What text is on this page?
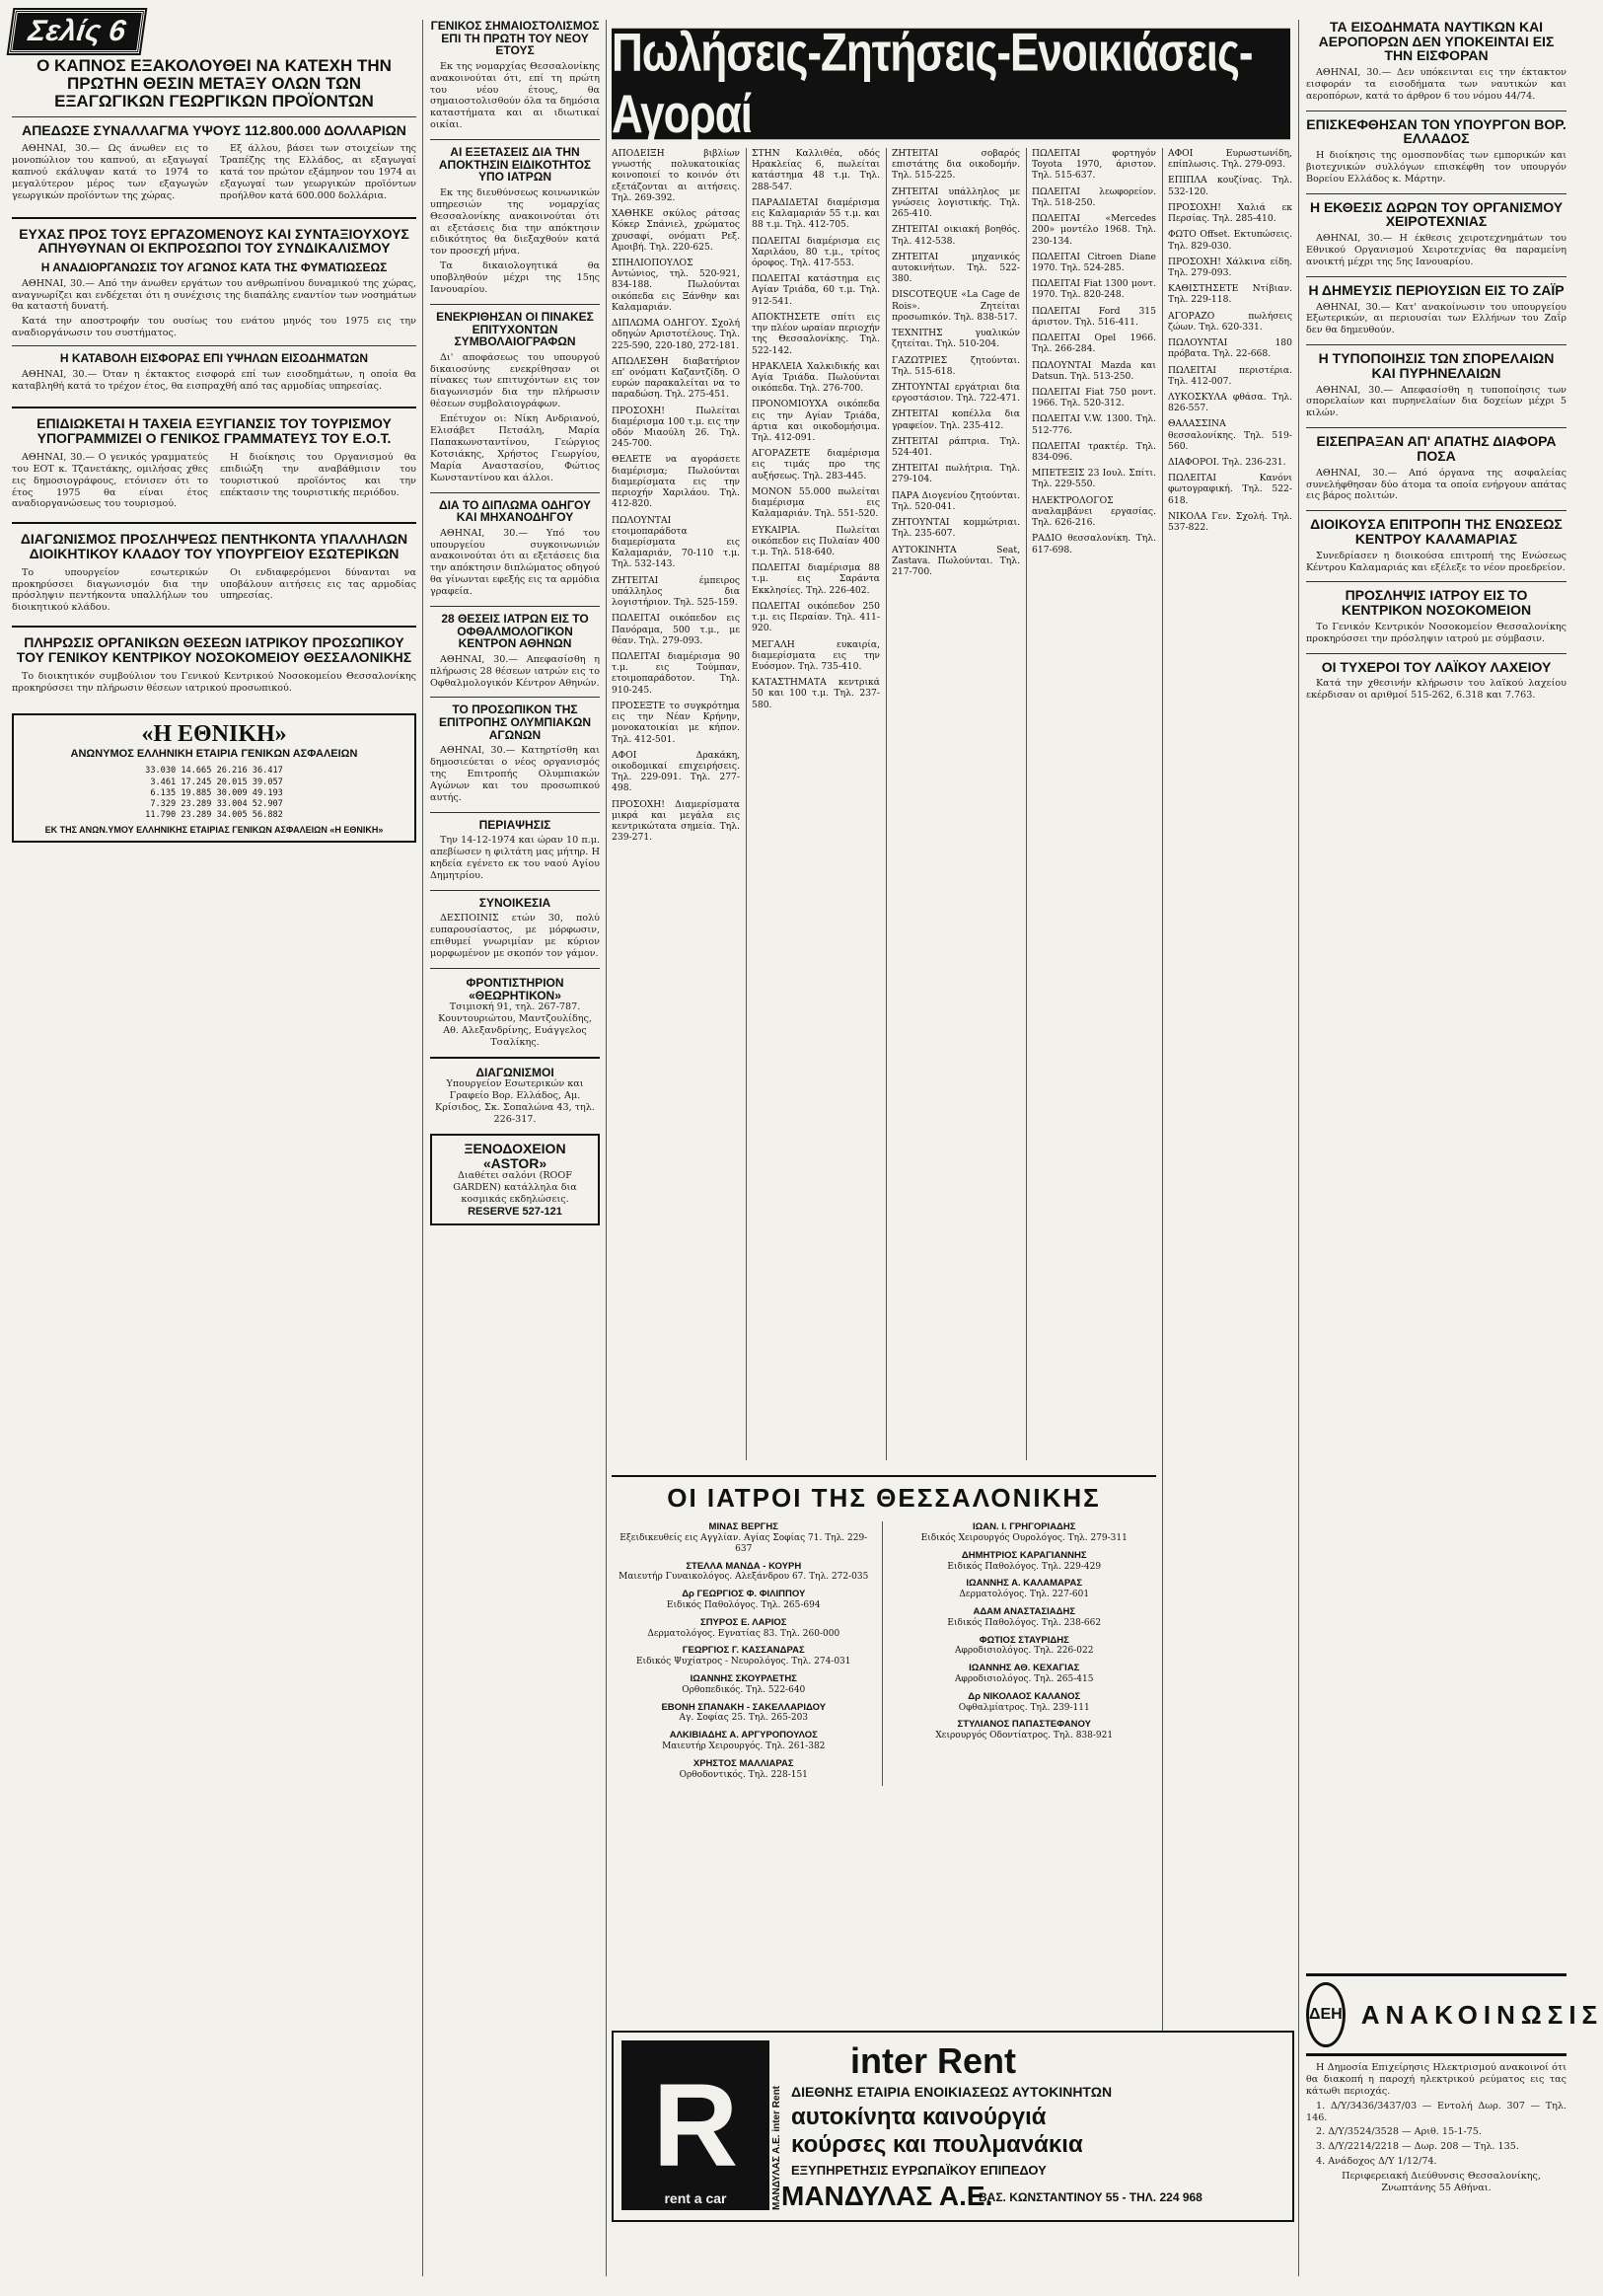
Σελίς 6
Ο ΚΑΠΝΟΣ ΕΞΑΚΟΛΟΥΘΕΙ ΝΑ ΚΑΤΕΧΗ ΤΗΝ ΠΡΩΤΗΝ ΘΕΣΙΝ ΜΕΤΑΞΥ ΟΛΩΝ ΤΩΝ ΕΞΑΓΩΓΙΚΩΝ ΓΕΩΡΓΙΚΩΝ ΠΡΟΪΟΝΤΩΝ
ΑΠΕΔΩΣΕ ΣΥΝΑΛΛΑΓΜΑ ΥΨΟΥΣ 112.800.000 ΔΟΛΛΑΡΙΩΝ

ΑΘΗΝΑΙ, 30.— Ως άνωθεν εις το μονοπώλιον του καπνού, αι εξαγωγαί καπνού εκάλυψαν κατά το 1974 το μεγαλύτερον μέρος των εξαγωγών γεωργικών προϊόντων της χώρας.

Εξ άλλου, βάσει των στοιχείων της Τραπέζης της Ελλάδος, αι εξαγωγαί κατά τον πρώτον εξάμηνον του 1974 αι εξαγωγαί των γεωργικών προϊόντων προήλθον κατά 600.000 δολλάρια.

ΕΥΧΑΣ ΠΡΟΣ ΤΟΥΣ ΕΡΓΑΖΟΜΕΝΟΥΣ ΚΑΙ ΣΥΝΤΑΞΙΟΥΧΟΥΣ ΑΠΗΥΘΥΝΑΝ ΟΙ ΕΚΠΡΟΣΩΠΟΙ ΤΟΥ ΣΥΝΔΙΚΑΛΙΣΜΟΥ
Η ΑΝΑΔΙΟΡΓΑΝΩΣΙΣ ΤΟΥ ΑΓΩΝΟΣ ΚΑΤΑ ΤΗΣ ΦΥΜΑΤΙΩΣΕΩΣ

ΑΘΗΝΑΙ, 30.— Από την άνωθεν εργάτων του ανθρωπίνου δυναμικού της χώρας, αναγνωρίζει και ενδέχεται ότι η συνέχισις της διαπάλης εναντίον των νοσημάτων θα καταστή δυνατή.

Κατά την αποστροφήν του ουσίως του ενάτου μηνός του 1975 εις την αναδιοργάνωσιν του συστήματος.

Η ΚΑΤΑΒΟΛΗ ΕΙΣΦΟΡΑΣ ΕΠΙ ΥΨΗΛΩΝ ΕΙΣΟΔΗΜΑΤΩΝ

ΑΘΗΝΑΙ, 30.— Όταν η έκτακτος εισφορά επί των εισοδημάτων, η οποία θα καταβληθή κατά το τρέχον έτος, θα εισπραχθή από τας αρμοδίας υπηρεσίας.

ΕΠΙΔΙΩΚΕΤΑΙ Η ΤΑΧΕΙΑ ΕΞΥΓΙΑΝΣΙΣ ΤΟΥ ΤΟΥΡΙΣΜΟΥ ΥΠΟΓΡΑΜΜΙΖΕΙ Ο ΓΕΝΙΚΟΣ ΓΡΑΜΜΑΤΕΥΣ ΤΟΥ Ε.Ο.Τ.

ΑΘΗΝΑΙ, 30.— Ο γενικός γραμματεύς του ΕΟΤ κ. Τζανετάκης, ομιλήσας χθες εις δημοσιογράφους, ετόνισεν ότι το έτος 1975 θα είναι έτος αναδιοργανώσεως του τουρισμού.

Η διοίκησις του Οργανισμού θα επιδιώξη την αναβάθμισιν του τουριστικού προϊόντος και την επέκτασιν της τουριστικής περιόδου.

ΔΙΑΓΩΝΙΣΜΟΣ ΠΡΟΣΛΗΨΕΩΣ ΠΕΝΤΗΚΟΝΤΑ ΥΠΑΛΛΗΛΩΝ ΔΙΟΙΚΗΤΙΚΟΥ ΚΛΑΔΟΥ ΤΟΥ ΥΠΟΥΡΓΕΙΟΥ ΕΣΩΤΕΡΙΚΩΝ

Το υπουργείον εσωτερικών προκηρύσσει διαγωνισμόν δια την πρόσληψιν πεντήκοντα υπαλλήλων του διοικητικού κλάδου.

Οι ενδιαφερόμενοι δύνανται να υποβάλουν αιτήσεις εις τας αρμοδίας υπηρεσίας.

ΠΛΗΡΩΣΙΣ ΟΡΓΑΝΙΚΩΝ ΘΕΣΕΩΝ ΙΑΤΡΙΚΟΥ ΠΡΟΣΩΠΙΚΟΥ ΤΟΥ ΓΕΝΙΚΟΥ ΚΕΝΤΡΙΚΟΥ ΝΟΣΟΚΟΜΕΙΟΥ ΘΕΣΣΑΛΟΝΙΚΗΣ

Το διοικητικόν συμβούλιον του Γενικού Κεντρικού Νοσοκομείου Θεσσαλονίκης προκηρύσσει την πλήρωσιν θέσεων ιατρικού προσωπικού.

«Η ΕΘΝΙΚΗ»
ΑΝΩΝΥΜΟΣ ΕΛΛΗΝΙΚΗ ΕΤΑΙΡΙΑ ΓΕΝΙΚΩΝ ΑΣΦΑΛΕΙΩΝ
33.030 14.665 26.216 36.417
3.461 17.245 20.015 39.057
6.135 19.885 30.009 49.193
7.329 23.289 33.004 52.907
11.790 23.289 34.005 56.882
ΕΚ ΤΗΣ ΑΝΩΝ.ΥΜΟΥ ΕΛΛΗΝΙΚΗΣ ΕΤΑΙΡΙΑΣ ΓΕΝΙΚΩΝ ΑΣΦΑΛΕΙΩΝ «Η ΕΘΝΙΚΗ»
ΓΕΝΙΚΟΣ ΣΗΜΑΙΟΣΤΟΛΙΣΜΟΣ ΕΠΙ ΤΗ ΠΡΩΤΗ ΤΟΥ ΝΕΟΥ ΕΤΟΥΣ

Εκ της νομαρχίας Θεσσαλονίκης ανακοινούται ότι, επί τη πρώτη του νέου έτους, θα σημαιοστολισθούν όλα τα δημόσια καταστήματα και αι ιδιωτικαί οικίαι.

ΑΙ ΕΞΕΤΑΣΕΙΣ ΔΙΑ ΤΗΝ ΑΠΟΚΤΗΣΙΝ ΕΙΔΙΚΟΤΗΤΟΣ ΥΠΟ ΙΑΤΡΩΝ

Εκ της διευθύνσεως κοινωνικών υπηρεσιών της νομαρχίας Θεσσαλονίκης ανακοινούται ότι αι εξετάσεις δια την απόκτησιν ειδικότητος θα διεξαχθούν κατά τον προσεχή μήνα.

Τα δικαιολογητικά θα υποβληθούν μέχρι της 15ης Ιανουαρίου.

ΕΝΕΚΡΙΘΗΣΑΝ ΟΙ ΠΙΝΑΚΕΣ ΕΠΙΤΥΧΟΝΤΩΝ ΣΥΜΒΟΛΑΙΟΓΡΑΦΩΝ

Δι' αποφάσεως του υπουργού δικαιοσύνης ενεκρίθησαν οι πίνακες των επιτυχόντων εις τον διαγωνισμόν δια την πλήρωσιν θέσεων συμβολαιογράφων.

Επέτυχον οι: Νίκη Ανδριανού, Ελισάβετ Πετσάλη, Μαρία Παπακωνσταντίνου, Γεώργιος Κοτσιάκης, Χρήστος Γεωργίου, Μαρία Αναστασίου, Φώτιος Κωνσταντίνου και άλλοι.

ΔΙΑ ΤΟ ΔΙΠΛΩΜΑ ΟΔΗΓΟΥ ΚΑΙ ΜΗΧΑΝΟΔΗΓΟΥ

ΑΘΗΝΑΙ, 30.— Υπό του υπουργείου συγκοινωνιών ανακοινούται ότι αι εξετάσεις δια την απόκτησιν διπλώματος οδηγού θα γίνωνται εφεξής εις τα αρμόδια γραφεία.

28 ΘΕΣΕΙΣ ΙΑΤΡΩΝ ΕΙΣ ΤΟ ΟΦΘΑΛΜΟΛΟΓΙΚΟΝ ΚΕΝΤΡΟΝ ΑΘΗΝΩΝ

ΑΘΗΝΑΙ, 30.— Απεφασίσθη η πλήρωσις 28 θέσεων ιατρών εις το Οφθαλμολογικόν Κέντρον Αθηνών.

ΤΟ ΠΡΟΣΩΠΙΚΟΝ ΤΗΣ ΕΠΙΤΡΟΠΗΣ ΟΛΥΜΠΙΑΚΩΝ ΑΓΩΝΩΝ

ΑΘΗΝΑΙ, 30.— Κατηρτίσθη και δημοσιεύεται ο νέος οργανισμός της Επιτροπής Ολυμπιακών Αγώνων και του προσωπικού αυτής.

ΠΕΡΙΑΨΗΣΙΣ

Την 14-12-1974 και ώραν 10 π.μ. απεβίωσεν η φιλτάτη μας μήτηρ. Η κηδεία εγένετο εκ του ναού Αγίου Δημητρίου.

ΣΥΝΟΙΚΕΣΙΑ

ΔΕΣΠΟΙΝΙΣ ετών 30, πολύ ευπαρουσίαστος, με μόρφωσιν, επιθυμεί γνωριμίαν με κύριον μορφωμένον με σκοπόν τον γάμον.

ΦΡΟΝΤΙΣΤΗΡΙΟΝ «ΘΕΩΡΗΤΙΚΟΝ»
Τσιμισκή 91, τηλ. 267-787. Κουντουριώτου, Μαντζουλίδης, Αθ. Αλεξανδρίνης, Ευάγγελος Τσαλίκης.
ΔΙΑΓΩΝΙΣΜΟΙ
Υπουργείον Εσωτερικών και Γραφείο Βορ. Ελλάδος, Αμ. Κρίσιδος, Σκ. Σοπαλώνα 43, τηλ. 226-317.
ΞΕΝΟΔΟΧΕΙΟΝ «ASTOR»
Διαθέτει σαλόνι (ROOF GARDEN) κατάλληλα δια κοσμικάς εκδηλώσεις.
RESERVE 527-121
Πωλήσεις-Ζητήσεις-Ενοικιάσεις-Αγοραί
ΑΠΟΔΕΙΞΗ βιβλίων γνωστής πολυκατοικίας κοινοποιεί το κοινόν ότι εξετάζονται αι αιτήσεις. Τηλ. 269-392.
ΧΑΘΗΚΕ σκύλος ράτσας Κόκερ Σπάνιελ, χρώματος χρυσαφί, ονόματι Ρεξ. Αμοιβή. Τηλ. 220-625.
ΣΠΗΛΙΟΠΟΥΛΟΣ Αντώνιος, τηλ. 520-921, 834-188. Πωλούνται οικόπεδα εις Ξάνθην και Καλαμαριάν.
ΔΙΠΛΩΜΑ ΟΔΗΓΟΥ. Σχολή οδηγών Αριστοτέλους. Τηλ. 225-590, 220-180, 272-181.
ΑΠΩΛΕΣΘΗ διαβατήριον επ' ονόματι Καζαντζίδη. Ο ευρών παρακαλείται να το παραδώση. Τηλ. 275-451.
ΠΡΟΣΟΧΗ! Πωλείται διαμέρισμα 100 τ.μ. εις την οδόν Μιαούλη 26. Τηλ. 245-700.
ΘΕΛΕΤΕ να αγοράσετε διαμέρισμα; Πωλούνται διαμερίσματα εις την περιοχήν Χαριλάου. Τηλ. 412-820.
ΠΩΛΟΥΝΤΑΙ ετοιμοπαράδοτα διαμερίσματα εις Καλαμαριάν, 70-110 τ.μ. Τηλ. 532-143.
ΖΗΤΕΙΤΑΙ έμπειρος υπάλληλος δια λογιστήριον. Τηλ. 525-159.
ΠΩΛΕΙΤΑΙ οικόπεδον εις Πανόραμα, 500 τ.μ., με θέαν. Τηλ. 279-093.
ΠΩΛΕΙΤΑΙ διαμέρισμα 90 τ.μ. εις Τούμπαν, ετοιμοπαράδοτον. Τηλ. 910-245.
ΠΡΟΣΕΞΤΕ το συγκρότημα εις την Νέαν Κρήνην, μονοκατοικίαι με κήπον. Τηλ. 412-501.
ΑΦΟΙ Δρακάκη, οικοδομικαί επιχειρήσεις. Τηλ. 229-091. Τηλ. 277-498.
ΠΡΟΣΟΧΗ! Διαμερίσματα μικρά και μεγάλα εις κεντρικώτατα σημεία. Τηλ. 239-271.
ΣΤΗΝ Καλλιθέα, οδός Ηρακλείας 6, πωλείται κατάστημα 48 τ.μ. Τηλ. 288-547.
ΠΑΡΑΔΙΔΕΤΑΙ διαμέρισμα εις Καλαμαριάν 55 τ.μ. και 88 τ.μ. Τηλ. 412-705.
ΠΩΛΕΙΤΑΙ διαμέρισμα εις Χαριλάου, 80 τ.μ., τρίτος όροφος. Τηλ. 417-553.
ΠΩΛΕΙΤΑΙ κατάστημα εις Αγίαν Τριάδα, 60 τ.μ. Τηλ. 912-541.
ΑΠΟΚΤΗΣΕΤΕ σπίτι εις την πλέον ωραίαν περιοχήν της Θεσσαλονίκης. Τηλ. 522-142.
ΗΡΑΚΛΕΙΑ Χαλκιδικής και Αγία Τριάδα. Πωλούνται οικόπεδα. Τηλ. 276-700.
ΠΡΟΝΟΜΙΟΥΧΑ οικόπεδα εις την Αγίαν Τριάδα, άρτια και οικοδομήσιμα. Τηλ. 412-091.
ΑΓΟΡΑΖΕΤΕ διαμέρισμα εις τιμάς προ της αυξήσεως. Τηλ. 283-445.
ΜΟΝΟΝ 55.000 πωλείται διαμέρισμα εις Καλαμαριάν. Τηλ. 551-520.
ΕΥΚΑΙΡΙΑ. Πωλείται οικόπεδον εις Πυλαίαν 400 τ.μ. Τηλ. 518-640.
ΠΩΛΕΙΤΑΙ διαμέρισμα 88 τ.μ. εις Σαράντα Εκκλησίες. Τηλ. 226-402.
ΠΩΛΕΙΤΑΙ οικόπεδον 250 τ.μ. εις Περαίαν. Τηλ. 411-920.
ΜΕΓΑΛΗ ευκαιρία, διαμερίσματα εις την Ευόσμον. Τηλ. 735-410.
ΚΑΤΑΣΤΗΜΑΤΑ κεντρικά 50 και 100 τ.μ. Τηλ. 237-580.
ΖΗΤΕΙΤΑΙ σοβαρός επιστάτης δια οικοδομήν. Τηλ. 515-225.
ΖΗΤΕΙΤΑΙ υπάλληλος με γνώσεις λογιστικής. Τηλ. 265-410.
ΖΗΤΕΙΤΑΙ οικιακή βοηθός. Τηλ. 412-538.
ΖΗΤΕΙΤΑΙ μηχανικός αυτοκινήτων. Τηλ. 522-380.
DISCOTEQUE «La Cage de Rois». Ζητείται προσωπικόν. Τηλ. 838-517.
ΤΕΧΝΙΤΗΣ γυαλικών ζητείται. Τηλ. 510-204.
ΓΑΖΩΤΡΙΕΣ ζητούνται. Τηλ. 515-618.
ΖΗΤΟΥΝΤΑΙ εργάτριαι δια εργοστάσιον. Τηλ. 722-471.
ΖΗΤΕΙΤΑΙ κοπέλλα δια γραφείον. Τηλ. 235-412.
ΖΗΤΕΙΤΑΙ ράπτρια. Τηλ. 524-401.
ΖΗΤΕΙΤΑΙ πωλήτρια. Τηλ. 279-104.
ΠΑΡΑ Διογενίου ζητούνται. Τηλ. 520-041.
ΖΗΤΟΥΝΤΑΙ κομμώτριαι. Τηλ. 235-607.
ΑΥΤΟΚΙΝΗΤΑ Seat, Zastava. Πωλούνται. Τηλ. 217-700.
ΠΩΛΕΙΤΑΙ φορτηγόν Toyota 1970, άριστον. Τηλ. 515-637.
ΠΩΛΕΙΤΑΙ λεωφορείον. Τηλ. 518-250.
ΠΩΛΕΙΤΑΙ «Mercedes 200» μοντέλο 1968. Τηλ. 230-134.
ΠΩΛΕΙΤΑΙ Citroen Diane 1970. Τηλ. 524-285.
ΠΩΛΕΙΤΑΙ Fiat 1300 μοντ. 1970. Τηλ. 820-248.
ΠΩΛΕΙΤΑΙ Ford 315 άριστον. Τηλ. 516-411.
ΠΩΛΕΙΤΑΙ Opel 1966. Τηλ. 266-284.
ΠΩΛΟΥΝΤΑΙ Mazda και Datsun. Τηλ. 513-250.
ΠΩΛΕΙΤΑΙ Fiat 750 μοντ. 1966. Τηλ. 520-312.
ΠΩΛΕΙΤΑΙ V.W. 1300. Τηλ. 512-776.
ΠΩΛΕΙΤΑΙ τρακτέρ. Τηλ. 834-096.
ΜΠΕΤΕΞΙΣ 23 Ιουλ. Σπίτι. Τηλ. 229-550.
ΗΛΕΚΤΡΟΛΟΓΟΣ αναλαμβάνει εργασίας. Τηλ. 626-216.
ΡΑΔΙΟ θεσσαλονίκη. Τηλ. 617-698.
ΑΦΟΙ Ευρωστωνίδη, επίπλωσις. Τηλ. 279-093.
ΕΠΙΠΛΑ κουζίνας. Τηλ. 532-120.
ΠΡΟΣΟΧΗ! Χαλιά εκ Περσίας. Τηλ. 285-410.
ΦΩΤΟ Offset. Εκτυπώσεις. Τηλ. 829-030.
ΠΡΟΣΟΧΗ! Χάλκινα είδη. Τηλ. 279-093.
ΚΑΘΙΣΤΗΣΕΤΕ Ντίβιαν. Τηλ. 229-118.
ΑΓΟΡΑΖΟ πωλήσεις ζώων. Τηλ. 620-331.
ΠΩΛΟΥΝΤΑΙ 180 πρόβατα. Τηλ. 22-668.
ΠΩΛΕΙΤΑΙ περιστέρια. Τηλ. 412-007.
ΛΥΚΟΣΚΥΛΑ φθάσα. Τηλ. 826-557.
ΘΑΛΑΣΣΙΝΑ θεσσαλονίκης. Τηλ. 519-560.
ΔΙΑΦΟΡΟΙ. Τηλ. 236-231.
ΠΩΛΕΙΤΑΙ Κανόνι φωτογραφική. Τηλ. 522-618.
ΝΙΚΟΛΑ Γεν. Σχολή. Τηλ. 537-822.
ΟΙ ΙΑΤΡΟΙ ΤΗΣ ΘΕΣΣΑΛΟΝΙΚΗΣ
ΜΙΝΑΣ ΒΕΡΓΗΣ
Εξειδικευθείς εις Αγγλίαν. Αγίας Σοφίας 71. Τηλ. 229-637
ΣΤΕΛΛΑ ΜΑΝΔΑ - ΚΟΥΡΗ
Μαιευτήρ Γυναικολόγος. Αλεξάνδρου 67. Τηλ. 272-035
Δρ ΓΕΩΡΓΙΟΣ Φ. ΦΙΛΙΠΠΟΥ
Ειδικός Παθολόγος. Τηλ. 265-694
ΣΠΥΡΟΣ Ε. ΛΑΡΙΟΣ
Δερματολόγος. Εγνατίας 83. Τηλ. 260-000
ΓΕΩΡΓΙΟΣ Γ. ΚΑΣΣΑΝΔΡΑΣ
Ειδικός Ψυχίατρος - Νευρολόγος. Τηλ. 274-031
ΙΩΑΝΝΗΣ ΣΚΟΥΡΛΕΤΗΣ
Ορθοπεδικός. Τηλ. 522-640
ΕΒΟΝΗ ΣΠΑΝΑΚΗ - ΣΑΚΕΛΛΑΡΙΔΟΥ
Αγ. Σοφίας 25. Τηλ. 265-203
ΑΛΚΙΒΙΑΔΗΣ Α. ΑΡΓΥΡΟΠΟΥΛΟΣ
Μαιευτήρ Χειρουργός. Τηλ. 261-382
ΧΡΗΣΤΟΣ ΜΑΛΛΙΑΡΑΣ
Ορθοδοντικός. Τηλ. 228-151
ΙΩΑΝ. Ι. ΓΡΗΓΟΡΙΑΔΗΣ
Ειδικός Χειρουργός Ουρολόγος. Τηλ. 279-311
ΔΗΜΗΤΡΙΟΣ ΚΑΡΑΓΙΑΝΝΗΣ
Ειδικός Παθολόγος. Τηλ. 229-429
ΙΩΑΝΝΗΣ Α. ΚΑΛΑΜΑΡΑΣ
Δερματολόγος. Τηλ. 227-601
ΑΔΑΜ ΑΝΑΣΤΑΣΙΑΔΗΣ
Ειδικός Παθολόγος. Τηλ. 238-662
ΦΩΤΙΟΣ ΣΤΑΥΡΙΔΗΣ
Αφροδισιολόγος. Τηλ. 226-022
ΙΩΑΝΝΗΣ ΑΘ. ΚΕΧΑΓΙΑΣ
Αφροδισιολόγος. Τηλ. 265-415
Δρ ΝΙΚΟΛΑΟΣ ΚΑΛΑΝΟΣ
Οφθαλμίατρος. Τηλ. 239-111
ΣΤΥΛΙΑΝΟΣ ΠΑΠΑΣΤΕΦΑΝΟΥ
Χειρουργός Οδοντίατρος. Τηλ. 838-921
R
rent a car	ΜΑΝΔΥΛΑΣ Α.Ε. inter Rent
inter Rent
ΔΙΕΘΝΗΣ ΕΤΑΙΡΙΑ ΕΝΟΙΚΙΑΣΕΩΣ ΑΥΤΟΚΙΝΗΤΩΝ
αυτοκίνητα καινούργιά
κούρσες και πουλμανάκια
ΕΞΥΠΗΡΕΤΗΣΙΣ ΕΥΡΩΠΑΪΚΟΥ ΕΠΙΠΕΔΟΥ
ΜΑΝΔΥΛΑΣ Α.Ε.
ΒΑΣ. ΚΩΝΣΤΑΝΤΙΝΟΥ 55 - ΤΗΛ. 224 968
ΤΑ ΕΙΣΟΔΗΜΑΤΑ ΝΑΥΤΙΚΩΝ ΚΑΙ ΑΕΡΟΠΟΡΩΝ ΔΕΝ ΥΠΟΚΕΙΝΤΑΙ ΕΙΣ ΤΗΝ ΕΙΣΦΟΡΑΝ

ΑΘΗΝΑΙ, 30.— Δεν υπόκεινται εις την έκτακτον εισφοράν τα εισοδήματα των ναυτικών και αεροπόρων, κατά το άρθρον 6 του νόμου 44/74.

ΕΠΙΣΚΕΦΘΗΣΑΝ ΤΟΝ ΥΠΟΥΡΓΟΝ ΒΟΡ. ΕΛΛΑΔΟΣ

Η διοίκησις της ομοσπονδίας των εμπορικών και βιοτεχνικών συλλόγων επισκέφθη τον υπουργόν Βορείου Ελλάδος κ. Μάρτην.

Η ΕΚΘΕΣΙΣ ΔΩΡΩΝ ΤΟΥ ΟΡΓΑΝΙΣΜΟΥ ΧΕΙΡΟΤΕΧΝΙΑΣ

ΑΘΗΝΑΙ, 30.— Η έκθεσις χειροτεχνημάτων του Εθνικού Οργανισμού Χειροτεχνίας θα παραμείνη ανοικτή μέχρι της 5ης Ιανουαρίου.

Η ΔΗΜΕΥΣΙΣ ΠΕΡΙΟΥΣΙΩΝ ΕΙΣ ΤΟ ΖΑΪΡ

ΑΘΗΝΑΙ, 30.— Κατ' ανακοίνωσιν του υπουργείου Εξωτερικών, αι περιουσίαι των Ελλήνων του Ζαΐρ δεν θα δημευθούν.

Η ΤΥΠΟΠΟΙΗΣΙΣ ΤΩΝ ΣΠΟΡΕΛΑΙΩΝ ΚΑΙ ΠΥΡΗΝΕΛΑΙΩΝ

ΑΘΗΝΑΙ, 30.— Απεφασίσθη η τυποποίησις των σπορελαίων και πυρηνελαίων δια δοχείων μέχρι 5 κιλών.

ΕΙΣΕΠΡΑΞΑΝ ΑΠ' ΑΠΑΤΗΣ ΔΙΑΦΟΡΑ ΠΟΣΑ

ΑΘΗΝΑΙ, 30.— Από όργανα της ασφαλείας συνελήφθησαν δύο άτομα τα οποία ενήργουν απάτας εις βάρος πολιτών.

ΔΙΟΙΚΟΥΣΑ ΕΠΙΤΡΟΠΗ ΤΗΣ ΕΝΩΣΕΩΣ ΚΕΝΤΡΟΥ ΚΑΛΑΜΑΡΙΑΣ

Συνεδρίασεν η διοικούσα επιτροπή της Ενώσεως Κέντρου Καλαμαριάς και εξέλεξε το νέον προεδρείον.

ΠΡΟΣΛΗΨΙΣ ΙΑΤΡΟΥ ΕΙΣ ΤΟ ΚΕΝΤΡΙΚΟΝ ΝΟΣΟΚΟΜΕΙΟΝ

Το Γενικόν Κεντρικόν Νοσοκομείον Θεσσαλονίκης προκηρύσσει την πρόσληψιν ιατρού με σύμβασιν.

ΟΙ ΤΥΧΕΡΟΙ ΤΟΥ ΛΑΪΚΟΥ ΛΑΧΕΙΟΥ

Κατά την χθεσινήν κλήρωσιν του λαϊκού λαχείου εκέρδισαν οι αριθμοί 515-262, 6.318 και 7.763.

ΔΕΗ ΑΝΑΚΟΙΝΩΣΙΣ

Η Δημοσία Επιχείρησις Ηλεκτρισμού ανακοινοί ότι θα διακοπή η παροχή ηλεκτρικού ρεύματος εις τας κάτωθι περιοχάς.

1. Δ/Υ/3436/3437/03 — Εντολή Δωρ. 307 — Τηλ. 146.

2. Δ/Υ/3524/3528 — Αριθ. 15-1-75.

3. Δ/Υ/2214/2218 — Δωρ. 208 — Τηλ. 135.

4. Ανάδοχος Δ/Υ 1/12/74.

Περιφερειακή Διεύθυνσις Θεσσαλονίκης, Ζνωπτάνης 55 Αθήναι.
